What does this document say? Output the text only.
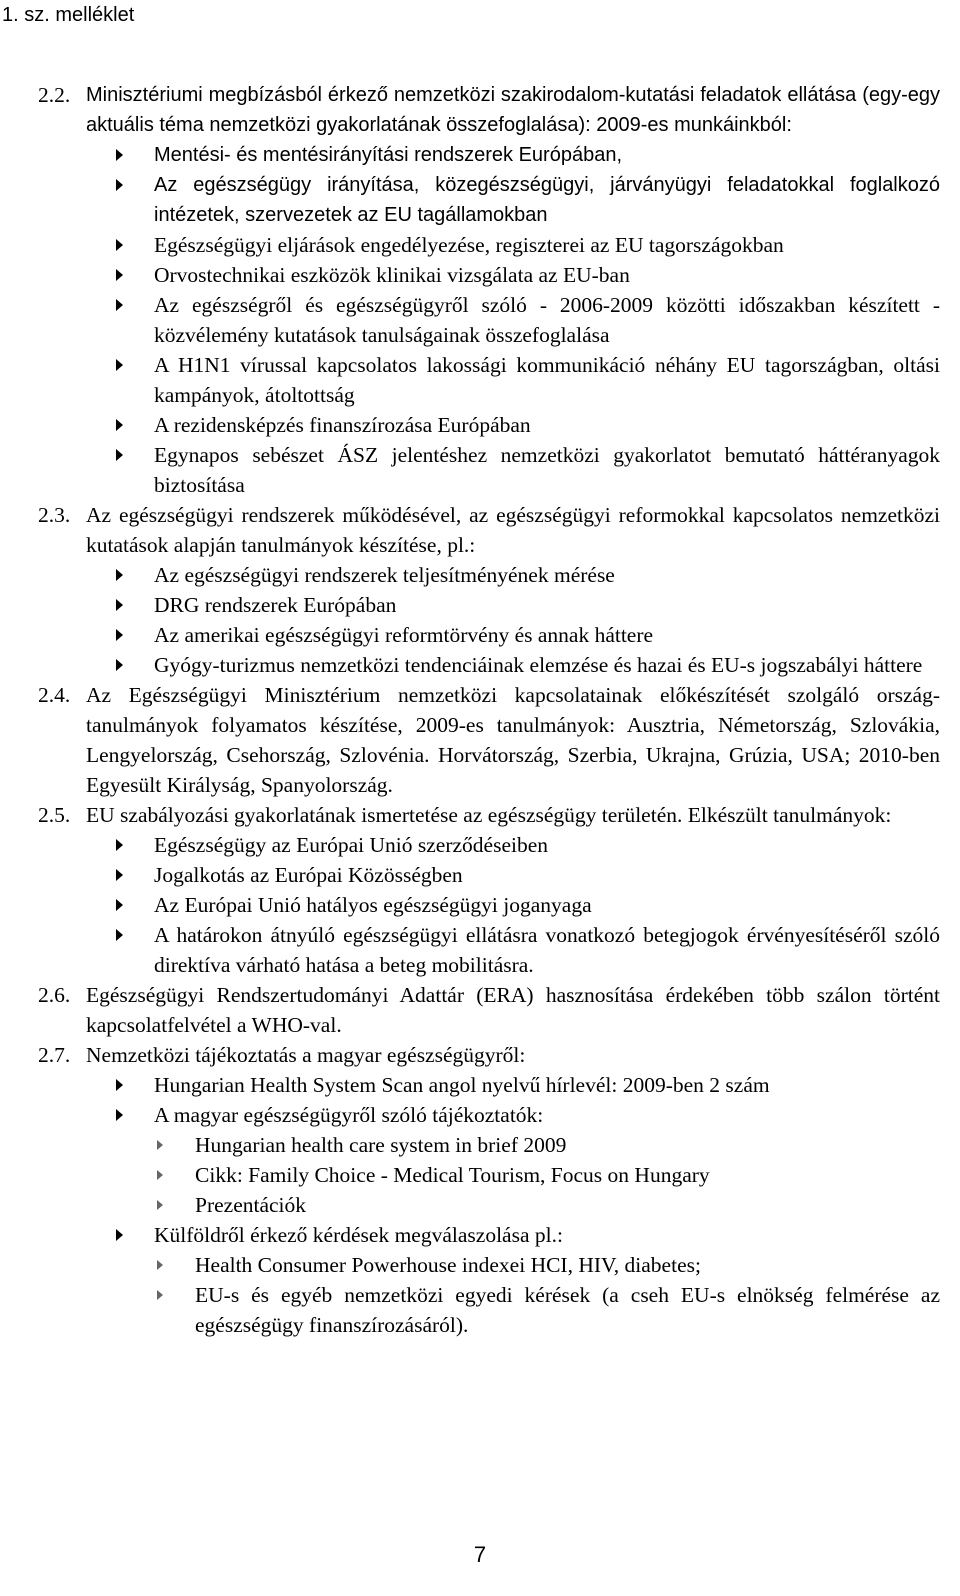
1. sz. melléklet
2.2. Minisztériumi megbízásból érkező nemzetközi szakirodalom-kutatási feladatok ellátása (egy-egy aktuális téma nemzetközi gyakorlatának összefoglalása): 2009-es munkáinkból:
Mentési- és mentésirányítási rendszerek Európában,
Az egészségügy irányítása, közegészségügyi, járványügyi feladatokkal foglalkozó intézetek, szervezetek az EU tagállamokban
Egészségügyi eljárások engedélyezése, regiszterei az EU tagországokban
Orvostechnikai eszközök klinikai vizsgálata az EU-ban
Az egészségről és egészségügyről szóló - 2006-2009 közötti időszakban készített - közvélemény kutatások tanulságainak összefoglalása
A H1N1 vírussal kapcsolatos lakossági kommunikáció néhány EU tagországban, oltási kampányok, átoltottság
A rezidensképzés finanszírozása Európában
Egynapos sebészet ÁSZ jelentéshez nemzetközi gyakorlatot bemutató háttéranyagok biztosítása
2.3. Az egészségügyi rendszerek működésével, az egészségügyi reformokkal kapcsolatos nemzetközi kutatások alapján tanulmányok készítése, pl.:
Az egészségügyi rendszerek teljesítményének mérése
DRG rendszerek Európában
Az amerikai egészségügyi reformtörvény és annak háttere
Gyógy-turizmus nemzetközi tendenciáinak elemzése és hazai és EU-s jogszabályi háttere
2.4. Az Egészségügyi Minisztérium nemzetközi kapcsolatainak előkészítését szolgáló ország-tanulmányok folyamatos készítése, 2009-es tanulmányok: Ausztria, Németország, Szlovákia, Lengyelország, Csehország, Szlovénia. Horvátország, Szerbia, Ukrajna, Grúzia, USA; 2010-ben Egyesült Királyság, Spanyolország.
2.5. EU szabályozási gyakorlatának ismertetése az egészségügy területén. Elkészült tanulmányok:
Egészségügy az Európai Unió szerződéseiben
Jogalkotás az Európai Közösségben
Az Európai Unió hatályos egészségügyi joganyaga
A határokon átnyúló egészségügyi ellátásra vonatkozó betegjogok érvényesítéséről szóló direktíva várható hatása a beteg mobilitásra.
2.6. Egészségügyi Rendszertudományi Adattár (ERA) hasznosítása érdekében több szálon történt kapcsolatfelvétel a WHO-val.
2.7. Nemzetközi tájékoztatás a magyar egészségügyről:
Hungarian Health System Scan angol nyelvű hírlevél: 2009-ben 2 szám
A magyar egészségügyről szóló tájékoztatók:
Hungarian health care system in brief 2009
Cikk: Family Choice - Medical Tourism, Focus on Hungary
Prezentációk
Külföldről érkező kérdések megválaszolása pl.:
Health Consumer Powerhouse indexei HCI, HIV, diabetes;
EU-s és egyéb nemzetközi egyedi kérések (a cseh EU-s elnökség felmérése az egészségügy finanszírozásáról).
7
